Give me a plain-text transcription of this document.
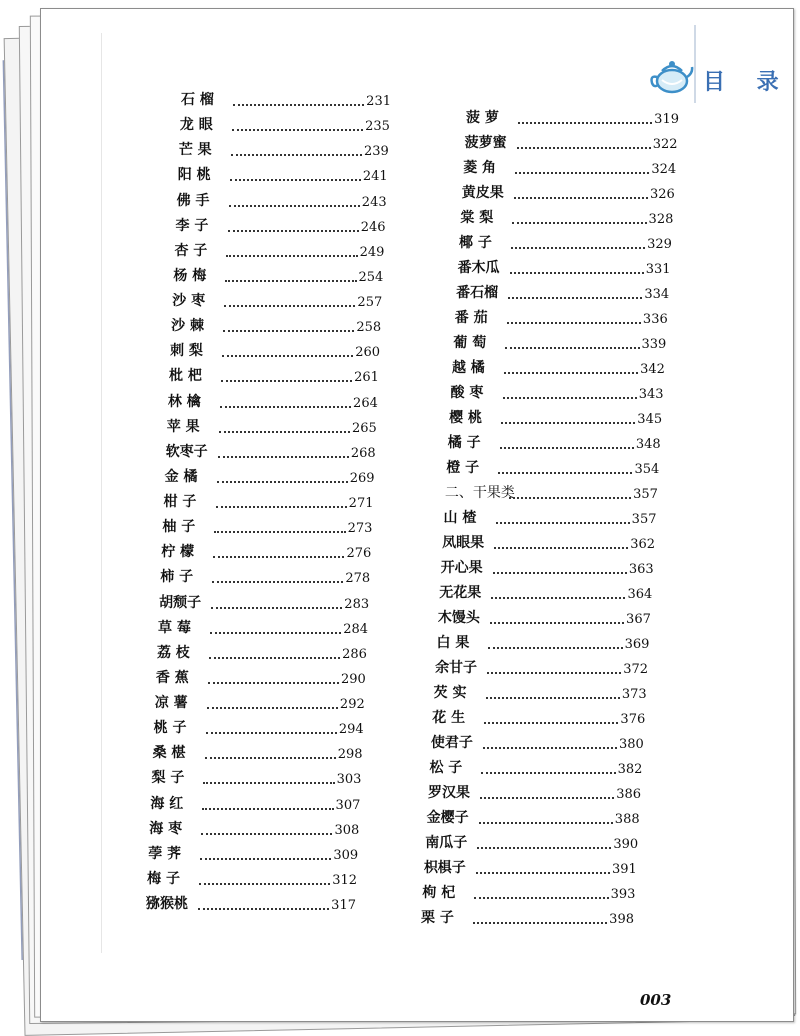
目 录
石 榴	231
龙 眼	235
芒 果	239
阳 桃	241
佛 手	243
李 子	246
杏 子	249
杨 梅	254
沙 枣	257
沙 棘	258
刺 梨	260
枇 杷	261
林 檎	264
苹 果	265
软枣子	268
金 橘	269
柑 子	271
柚 子	273
柠 檬	276
柿 子	278
胡颓子	283
草 莓	284
荔 枝	286
香 蕉	290
凉 薯	292
桃 子	294
桑 椹	298
梨 子	303
海 红	307
海 枣	308
荸 荠	309
梅 子	312
猕猴桃	317
菠 萝	319
菠萝蜜	322
菱 角	324
黄皮果	326
棠 梨	328
椰 子	329
番木瓜	331
番石榴	334
番 茄	336
葡 萄	339
越 橘	342
酸 枣	343
樱 桃	345
橘 子	348
橙 子	354
二、干果类	357
山 楂	357
凤眼果	362
开心果	363
无花果	364
木馒头	367
白 果	369
余甘子	372
芡 实	373
花 生	376
使君子	380
松 子	382
罗汉果	386
金樱子	388
南瓜子	390
枳椇子	391
枸 杞	393
栗 子	398
003
